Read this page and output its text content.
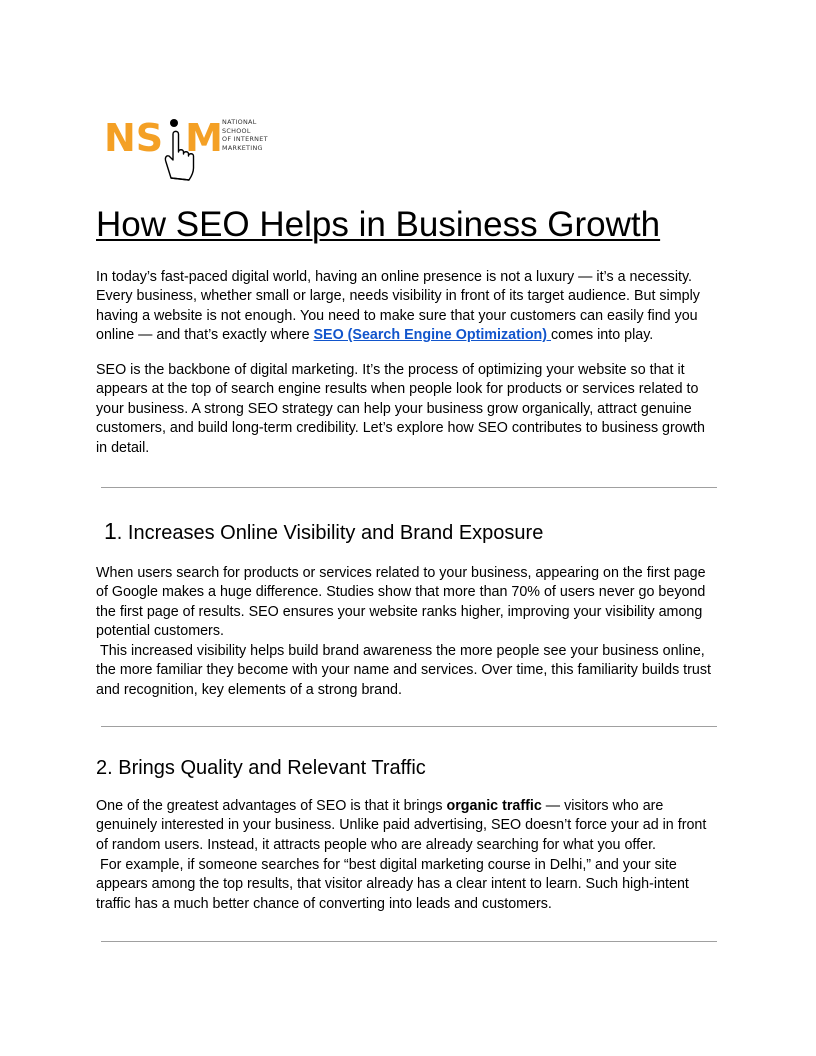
NS M NATIONAL
SCHOOL
OF INTERNET
MARKETING
How SEO Helps in Business Growth

In today’s fast-paced digital world, having an online presence is not a luxury — it’s a necessity. Every business, whether small or large, needs visibility in front of its target audience. But simply having a website is not enough. You need to make sure that your customers can easily find you online — and that’s exactly where SEO (Search Engine Optimization) comes into play.

SEO is the backbone of digital marketing. It’s the process of optimizing your website so that it appears at the top of search engine results when people look for products or services related to your business. A strong SEO strategy can help your business grow organically, attract genuine customers, and build long-term credibility. Let’s explore how SEO contributes to business growth in detail.

1. Increases Online Visibility and Brand Exposure

When users search for products or services related to your business, appearing on the first page of Google makes a huge difference. Studies show that more than 70% of users never go beyond the first page of results. SEO ensures your website ranks higher, improving your visibility among potential customers.

This increased visibility helps build brand awareness the more people see your business online, the more familiar they become with your name and services. Over time, this familiarity builds trust and recognition, key elements of a strong brand.

2. Brings Quality and Relevant Traffic

One of the greatest advantages of SEO is that it brings organic traffic — visitors who are genuinely interested in your business. Unlike paid advertising, SEO doesn’t force your ad in front of random users. Instead, it attracts people who are already searching for what you offer.

For example, if someone searches for “best digital marketing course in Delhi,” and your site appears among the top results, that visitor already has a clear intent to learn. Such high-intent traffic has a much better chance of converting into leads and customers.
